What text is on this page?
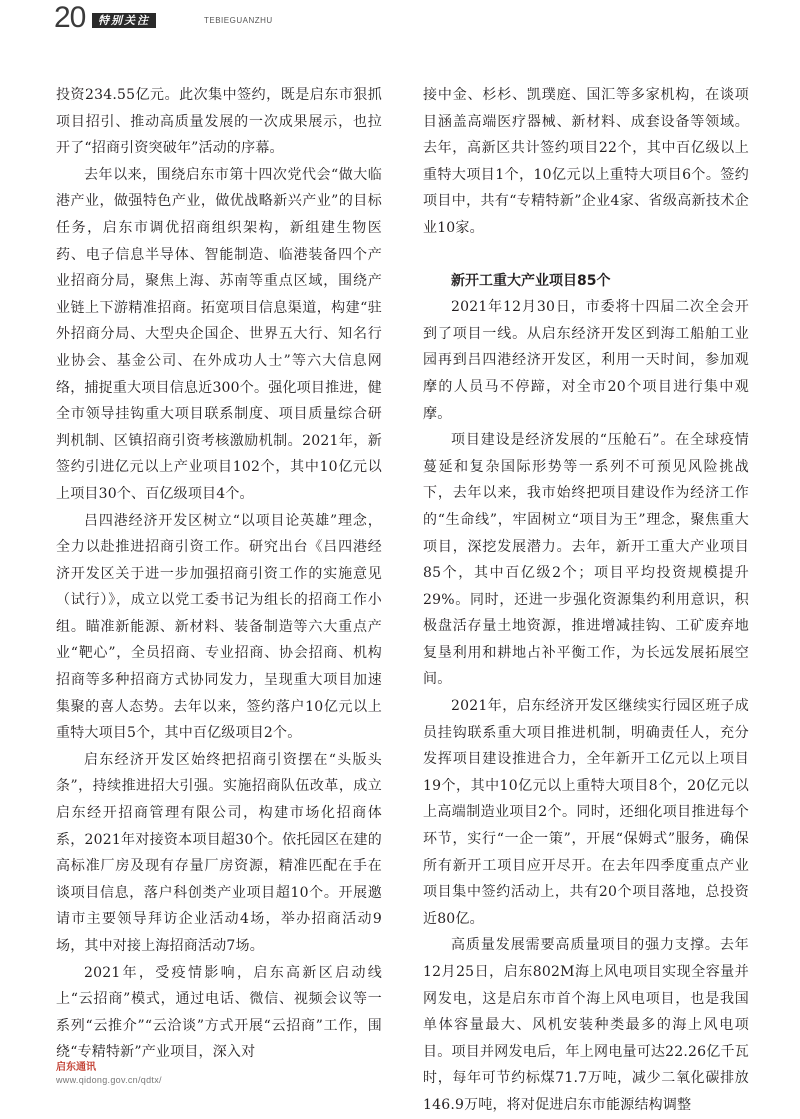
20	特别关注	TEBIEGUANZHU

投资234.55亿元。此次集中签约，既是启东市狠抓项目招引、推动高质量发展的一次成果展示，也拉开了“招商引资突破年”活动的序幕。

去年以来，围绕启东市第十四次党代会“做大临港产业，做强特色产业，做优战略新兴产业”的目标任务，启东市调优招商组织架构，新组建生物医药、电子信息半导体、智能制造、临港装备四个产业招商分局，聚焦上海、苏南等重点区域，围绕产业链上下游精准招商。拓宽项目信息渠道，构建“驻外招商分局、大型央企国企、世界五大行、知名行业协会、基金公司、在外成功人士”等六大信息网络，捕捉重大项目信息近300个。强化项目推进，健全市领导挂钩重大项目联系制度、项目质量综合研判机制、区镇招商引资考核激励机制。2021年，新签约引进亿元以上产业项目102个，其中10亿元以上项目30个、百亿级项目4个。

吕四港经济开发区树立“以项目论英雄”理念，全力以赴推进招商引资工作。研究出台《吕四港经济开发区关于进一步加强招商引资工作的实施意见（试行）》，成立以党工委书记为组长的招商工作小组。瞄准新能源、新材料、装备制造等六大重点产业“靶心”，全员招商、专业招商、协会招商、机构招商等多种招商方式协同发力，呈现重大项目加速集聚的喜人态势。去年以来，签约落户10亿元以上重特大项目5个，其中百亿级项目2个。

启东经济开发区始终把招商引资摆在“头版头条”，持续推进招大引强。实施招商队伍改革，成立启东经开招商管理有限公司，构建市场化招商体系，2021年对接资本项目超30个。依托园区在建的高标准厂房及现有存量厂房资源，精准匹配在手在谈项目信息，落户科创类产业项目超10个。开展邀请市主要领导拜访企业活动4场，举办招商活动9场，其中对接上海招商活动7场。

2021年，受疫情影响，启东高新区启动线上“云招商”模式，通过电话、微信、视频会议等一系列“云推介”“云洽谈”方式开展“云招商”工作，围绕“专精特新”产业项目，深入对

接中金、杉杉、凯璞庭、国汇等多家机构，在谈项目涵盖高端医疗器械、新材料、成套设备等领域。去年，高新区共计签约项目22个，其中百亿级以上重特大项目1个，10亿元以上重特大项目6个。签约项目中，共有“专精特新”企业4家、省级高新技术企业10家。

新开工重大产业项目85个

2021年12月30日，市委将十四届二次全会开到了项目一线。从启东经济开发区到海工船舶工业园再到吕四港经济开发区，利用一天时间，参加观摩的人员马不停蹄，对全市20个项目进行集中观摩。

项目建设是经济发展的“压舱石”。在全球疫情蔓延和复杂国际形势等一系列不可预见风险挑战下，去年以来，我市始终把项目建设作为经济工作的“生命线”，牢固树立“项目为王”理念，聚焦重大项目，深挖发展潜力。去年，新开工重大产业项目85个，其中百亿级2个；项目平均投资规模提升29%。同时，还进一步强化资源集约利用意识，积极盘活存量土地资源，推进增减挂钩、工矿废弃地复垦利用和耕地占补平衡工作，为长远发展拓展空间。

2021年，启东经济开发区继续实行园区班子成员挂钩联系重大项目推进机制，明确责任人，充分发挥项目建设推进合力，全年新开工亿元以上项目19个，其中10亿元以上重特大项目8个，20亿元以上高端制造业项目2个。同时，还细化项目推进每个环节，实行“一企一策”，开展“保姆式”服务，确保所有新开工项目应开尽开。在去年四季度重点产业项目集中签约活动上，共有20个项目落地，总投资近80亿。

高质量发展需要高质量项目的强力支撑。去年12月25日，启东802M海上风电项目实现全容量并网发电，这是启东市首个海上风电项目，也是我国单体容量最大、风机安装种类最多的海上风电项目。项目并网发电后，年上网电量可达22.26亿千瓦时，每年可节约标煤71.7万吨，减少二氧化碳排放146.9万吨，将对促进启东市能源结构调整

启东通讯
www.qidong.gov.cn/qdtx/
